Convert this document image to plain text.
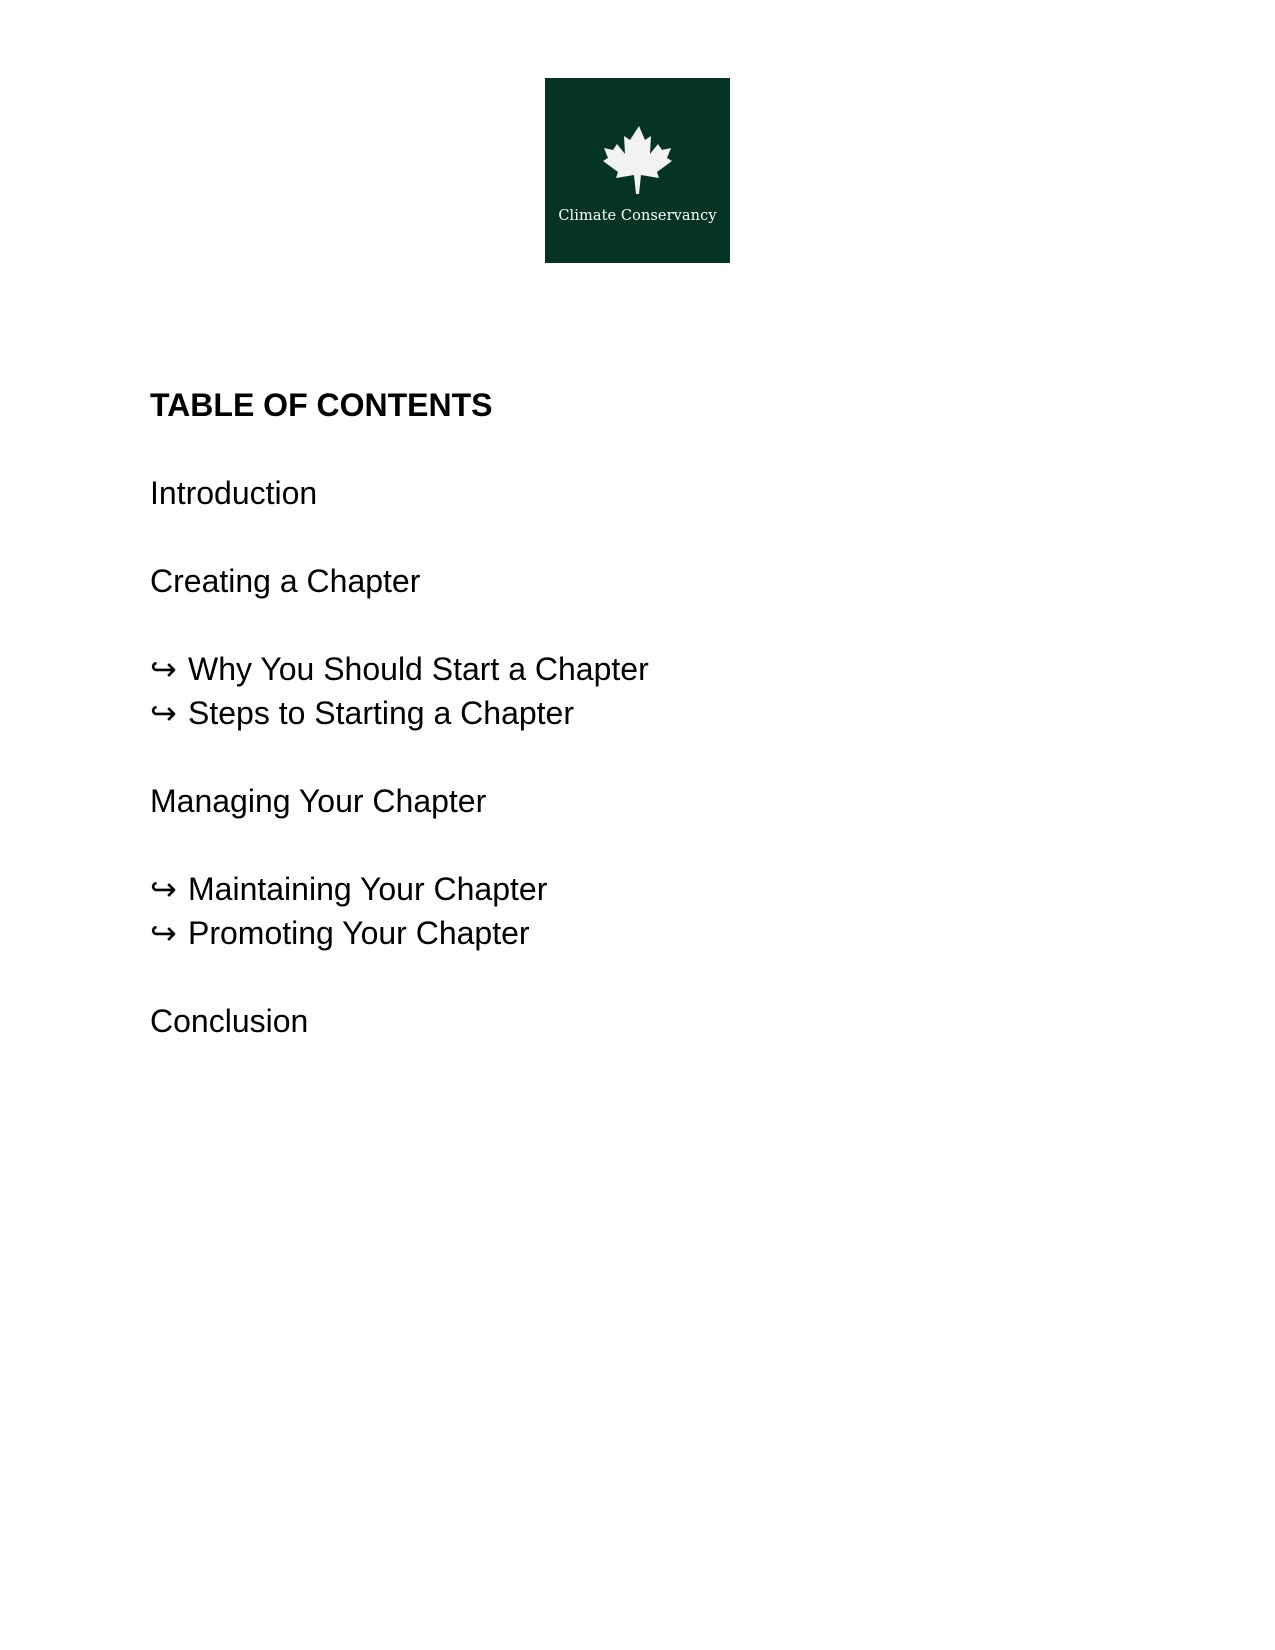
Climate Conservancy
TABLE OF CONTENTS
Introduction
Creating a Chapter
↪ Why You Should Start a Chapter
↪ Steps to Starting a Chapter
Managing Your Chapter
↪ Maintaining Your Chapter
↪ Promoting Your Chapter
Conclusion
